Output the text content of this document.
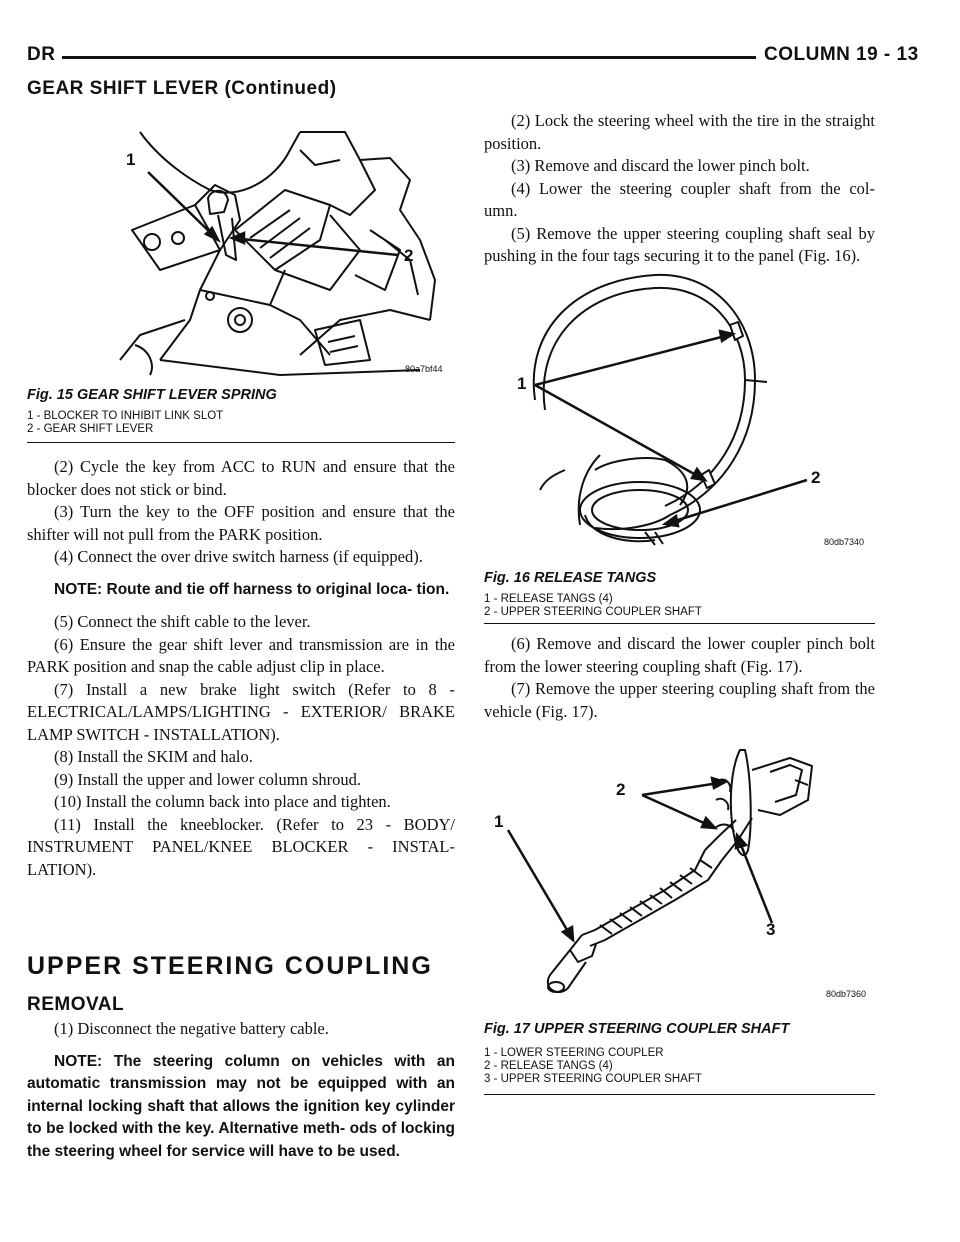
DR	COLUMN 19 - 13
GEAR SHIFT LEVER (Continued)
1
2
80a7bf44
Fig. 15 GEAR SHIFT LEVER SPRING
1 - BLOCKER TO INHIBIT LINK SLOT
2 - GEAR SHIFT LEVER

(2) Cycle the key from ACC to RUN and ensure that the blocker does not stick or bind.

(3) Turn the key to the OFF position and ensure that the shifter will not pull from the PARK position.

(4) Connect the over drive switch harness (if equipped).

NOTE: Route and tie off harness to original loca- tion.

(5) Connect the shift cable to the lever.

(6) Ensure the gear shift lever and transmission are in the PARK position and snap the cable adjust clip in place.

(7) Install a new brake light switch (Refer to 8 - ELECTRICAL/LAMPS/LIGHTING - EXTERIOR/ BRAKE LAMP SWITCH - INSTALLATION).

(8) Install the SKIM and halo.

(9) Install the upper and lower column shroud.

(10) Install the column back into place and tighten.

(11) Install the kneeblocker. (Refer to 23 - BODY/ INSTRUMENT PANEL/KNEE BLOCKER - INSTAL- LATION).

UPPER STEERING COUPLING
REMOVAL

(1) Disconnect the negative battery cable.

NOTE: The steering column on vehicles with an automatic transmission may not be equipped with an internal locking shaft that allows the ignition key cylinder to be locked with the key. Alternative meth- ods of locking the steering wheel for service will have to be used.

(2) Lock the steering wheel with the tire in the straight position.

(3) Remove and discard the lower pinch bolt.

(4) Lower the steering coupler shaft from the col- umn.

(5) Remove the upper steering coupling shaft seal by pushing in the four tags securing it to the panel (Fig. 16).

1
2
80db7340
Fig. 16 RELEASE TANGS
1 - RELEASE TANGS (4)
2 - UPPER STEERING COUPLER SHAFT

(6) Remove and discard the lower coupler pinch bolt from the lower steering coupling shaft (Fig. 17).

(7) Remove the upper steering coupling shaft from the vehicle (Fig. 17).

2
1
3
80db7360
Fig. 17 UPPER STEERING COUPLER SHAFT
1 - LOWER STEERING COUPLER
2 - RELEASE TANGS (4)
3 - UPPER STEERING COUPLER SHAFT
